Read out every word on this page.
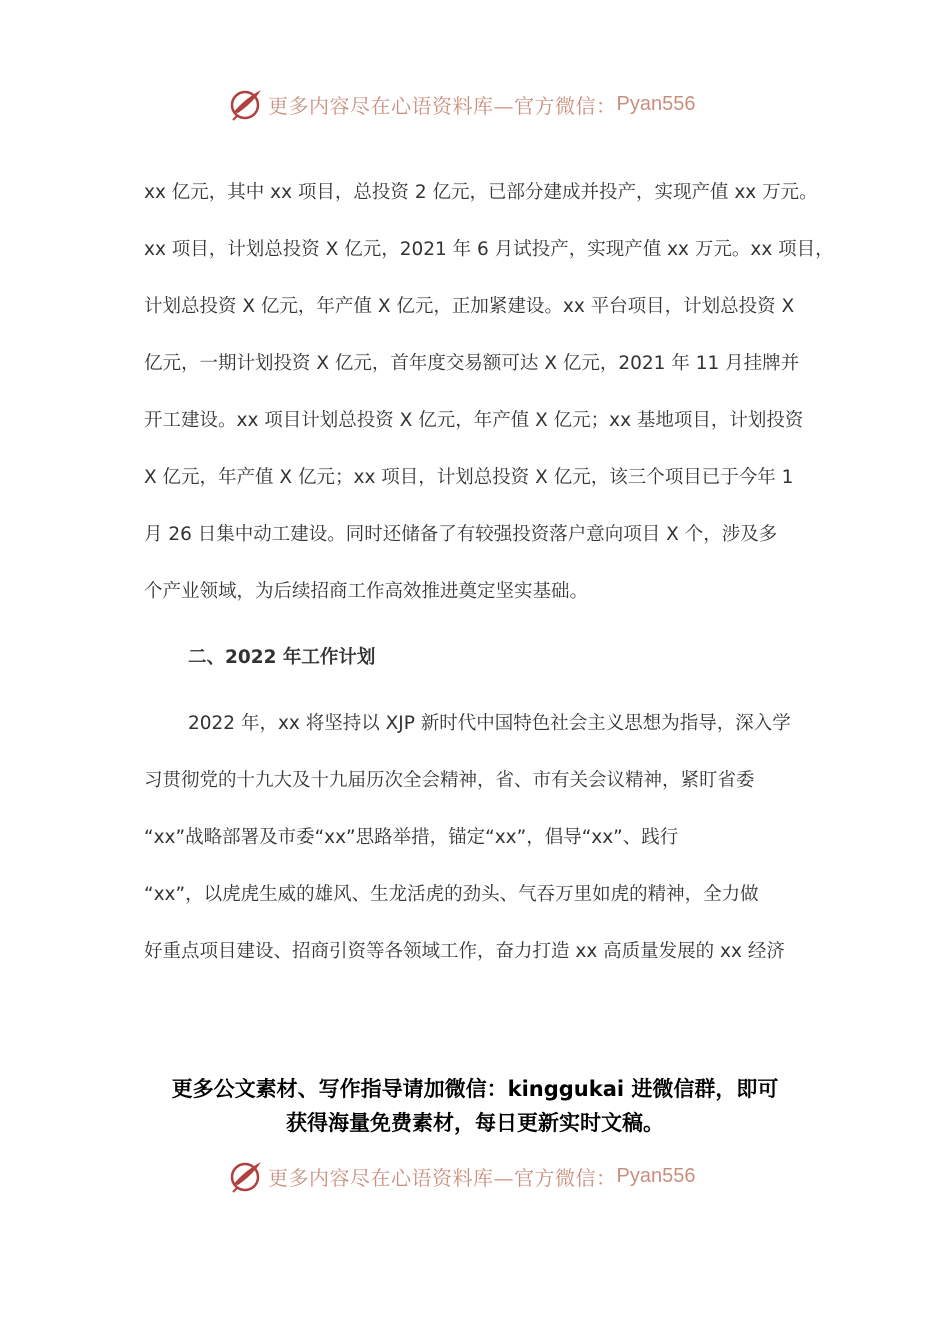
更多内容尽在心语资料库—官方微信： Pyan556
xx 亿元，其中 xx 项目，总投资 2 亿元，已部分建成并投产，实现产值 xx 万元。
xx 项目，计划总投资 X 亿元，2021 年 6 月试投产，实现产值 xx 万元。xx 项目，
计划总投资 X 亿元，年产值 X 亿元，正加紧建设。xx 平台项目，计划总投资 X
亿元，一期计划投资 X 亿元，首年度交易额可达 X 亿元，2021 年 11 月挂牌并
开工建设。xx 项目计划总投资 X 亿元，年产值 X 亿元；xx 基地项目，计划投资
X 亿元，年产值 X 亿元；xx 项目，计划总投资 X 亿元，该三个项目已于今年 1
月 26 日集中动工建设。同时还储备了有较强投资落户意向项目 X 个，涉及多
个产业领域，为后续招商工作高效推进奠定坚实基础。
二、2022 年工作计划
2022 年，xx 将坚持以 XJP 新时代中国特色社会主义思想为指导，深入学
习贯彻党的十九大及十九届历次全会精神，省、市有关会议精神，紧盯省委
“xx”战略部署及市委“xx”思路举措，锚定“xx”，倡导“xx”、践行
“xx”，以虎虎生威的雄风、生龙活虎的劲头、气吞万里如虎的精神，全力做
好重点项目建设、招商引资等各领域工作，奋力打造 xx 高质量发展的 xx 经济
更多公文素材、写作指导请加微信：kinggukai 进微信群，即可
获得海量免费素材，每日更新实时文稿。
更多内容尽在心语资料库—官方微信： Pyan556
